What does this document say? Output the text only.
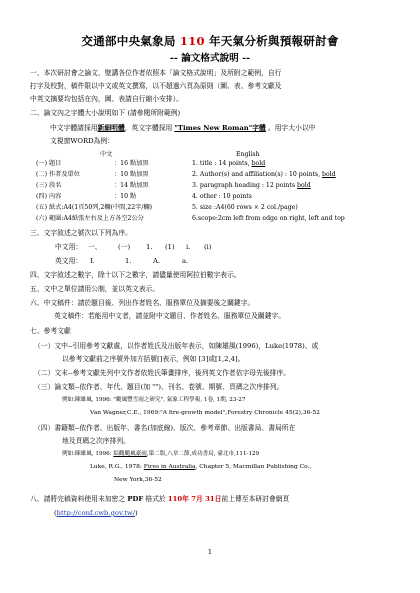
交通部中央氣象局 110 年天氣分析與預報研討會
-- 論文格式說明 --
一、本次研討會之論文、壁講各位作者依照本「論文格式說明」及所附之範例，自行
打字及校對，稿件限以中文或英文撰寫，以不超過六頁為原則（圖、表、參考文獻及
中英文摘要均包括在內，圖、表請自行縮小安排）。
二、論文內之字體大小說明如下 (請參閱所附範例)
中文字體請採用新細明體，英文字體採用 "Times New Roman"字體 。用字大小以中
文視窗WORD為例：
中文	English
(一) 題目	：16 點加黑	1. title : 14 points, bold
(二) 作者及單位	：10 點加黑	2. Author(s) and affiliation(s) : 10 points, bold
(三) 段名	：14 點加黑	3. paragraph heading : 12 points bold
(四) 內容	：10 點	4. other : 10 points
(五) 紙式:A4(1頁50列,2欄(中間,22字/欄)	5. size :A4(60 rows × 2 col./page)
(六) 範圍:A4紙張左右及上方各空2公分	6.scope:2cm left from edge on right, left and top
三、文字敘述之號次以下列為序。
中文用： 一、 (一) 1. (1) i. (i)
英文用： I.	1.	A.	a.
四、文字敘述之數字，除十以下之數字，請儘量使用阿拉伯數字表示。
五、文中之單位請用公制，並以英文表示。
六、中文稿件：請於題目後、列出作者姓名、服務單位及摘要後之關鍵字。
英文稿件：若能用中文者，請並附中文題目、作者姓名、服務單位及關鍵字。
七、參考文獻
（一）文中--引用參考文獻處，以作者姓氏及出版年表示，如陳雄風(1996)，Luke(1978)、或
以參考文獻前之序號外加方括號[]表示，例如 [3]或[1,2,4]。
（二）文末--參考文獻先列中文作者依姓氏筆畫排序，後列英文作者依字母先後排序。
（三）論文類--依作者、年代、題目(加 "")、刊名、卷號、期號、頁碼之次序排列。
例如:陳雄風, 1996: "颱風豐雪雨之研究", 氣象工程學報, 1卷, 1期, 23-27
Van Wagner,C.E., 1969:"A fire-growth model",Forestry Chronicle 45(2),36-52
（四）書籍類--依作者、出版年、書名(加底線)、版次、參考章節、出版書局、書局所在
地及頁碼之次序排列。
例如:陳雄風, 1996: 綜觀颱風豪雨,第二版,八章二節,成功書局, 臺北市,111-129
Luke, R.G., 1978: Fires in Australia, Chapter 5, Macmillan Publishing Co.,
New York,36-52
八、請將完稿資料使用未加密之 PDF 格式於 110年 7月 31日前上傳至本研討會網頁
(http://conf.cwb.gov.tw/)
1
